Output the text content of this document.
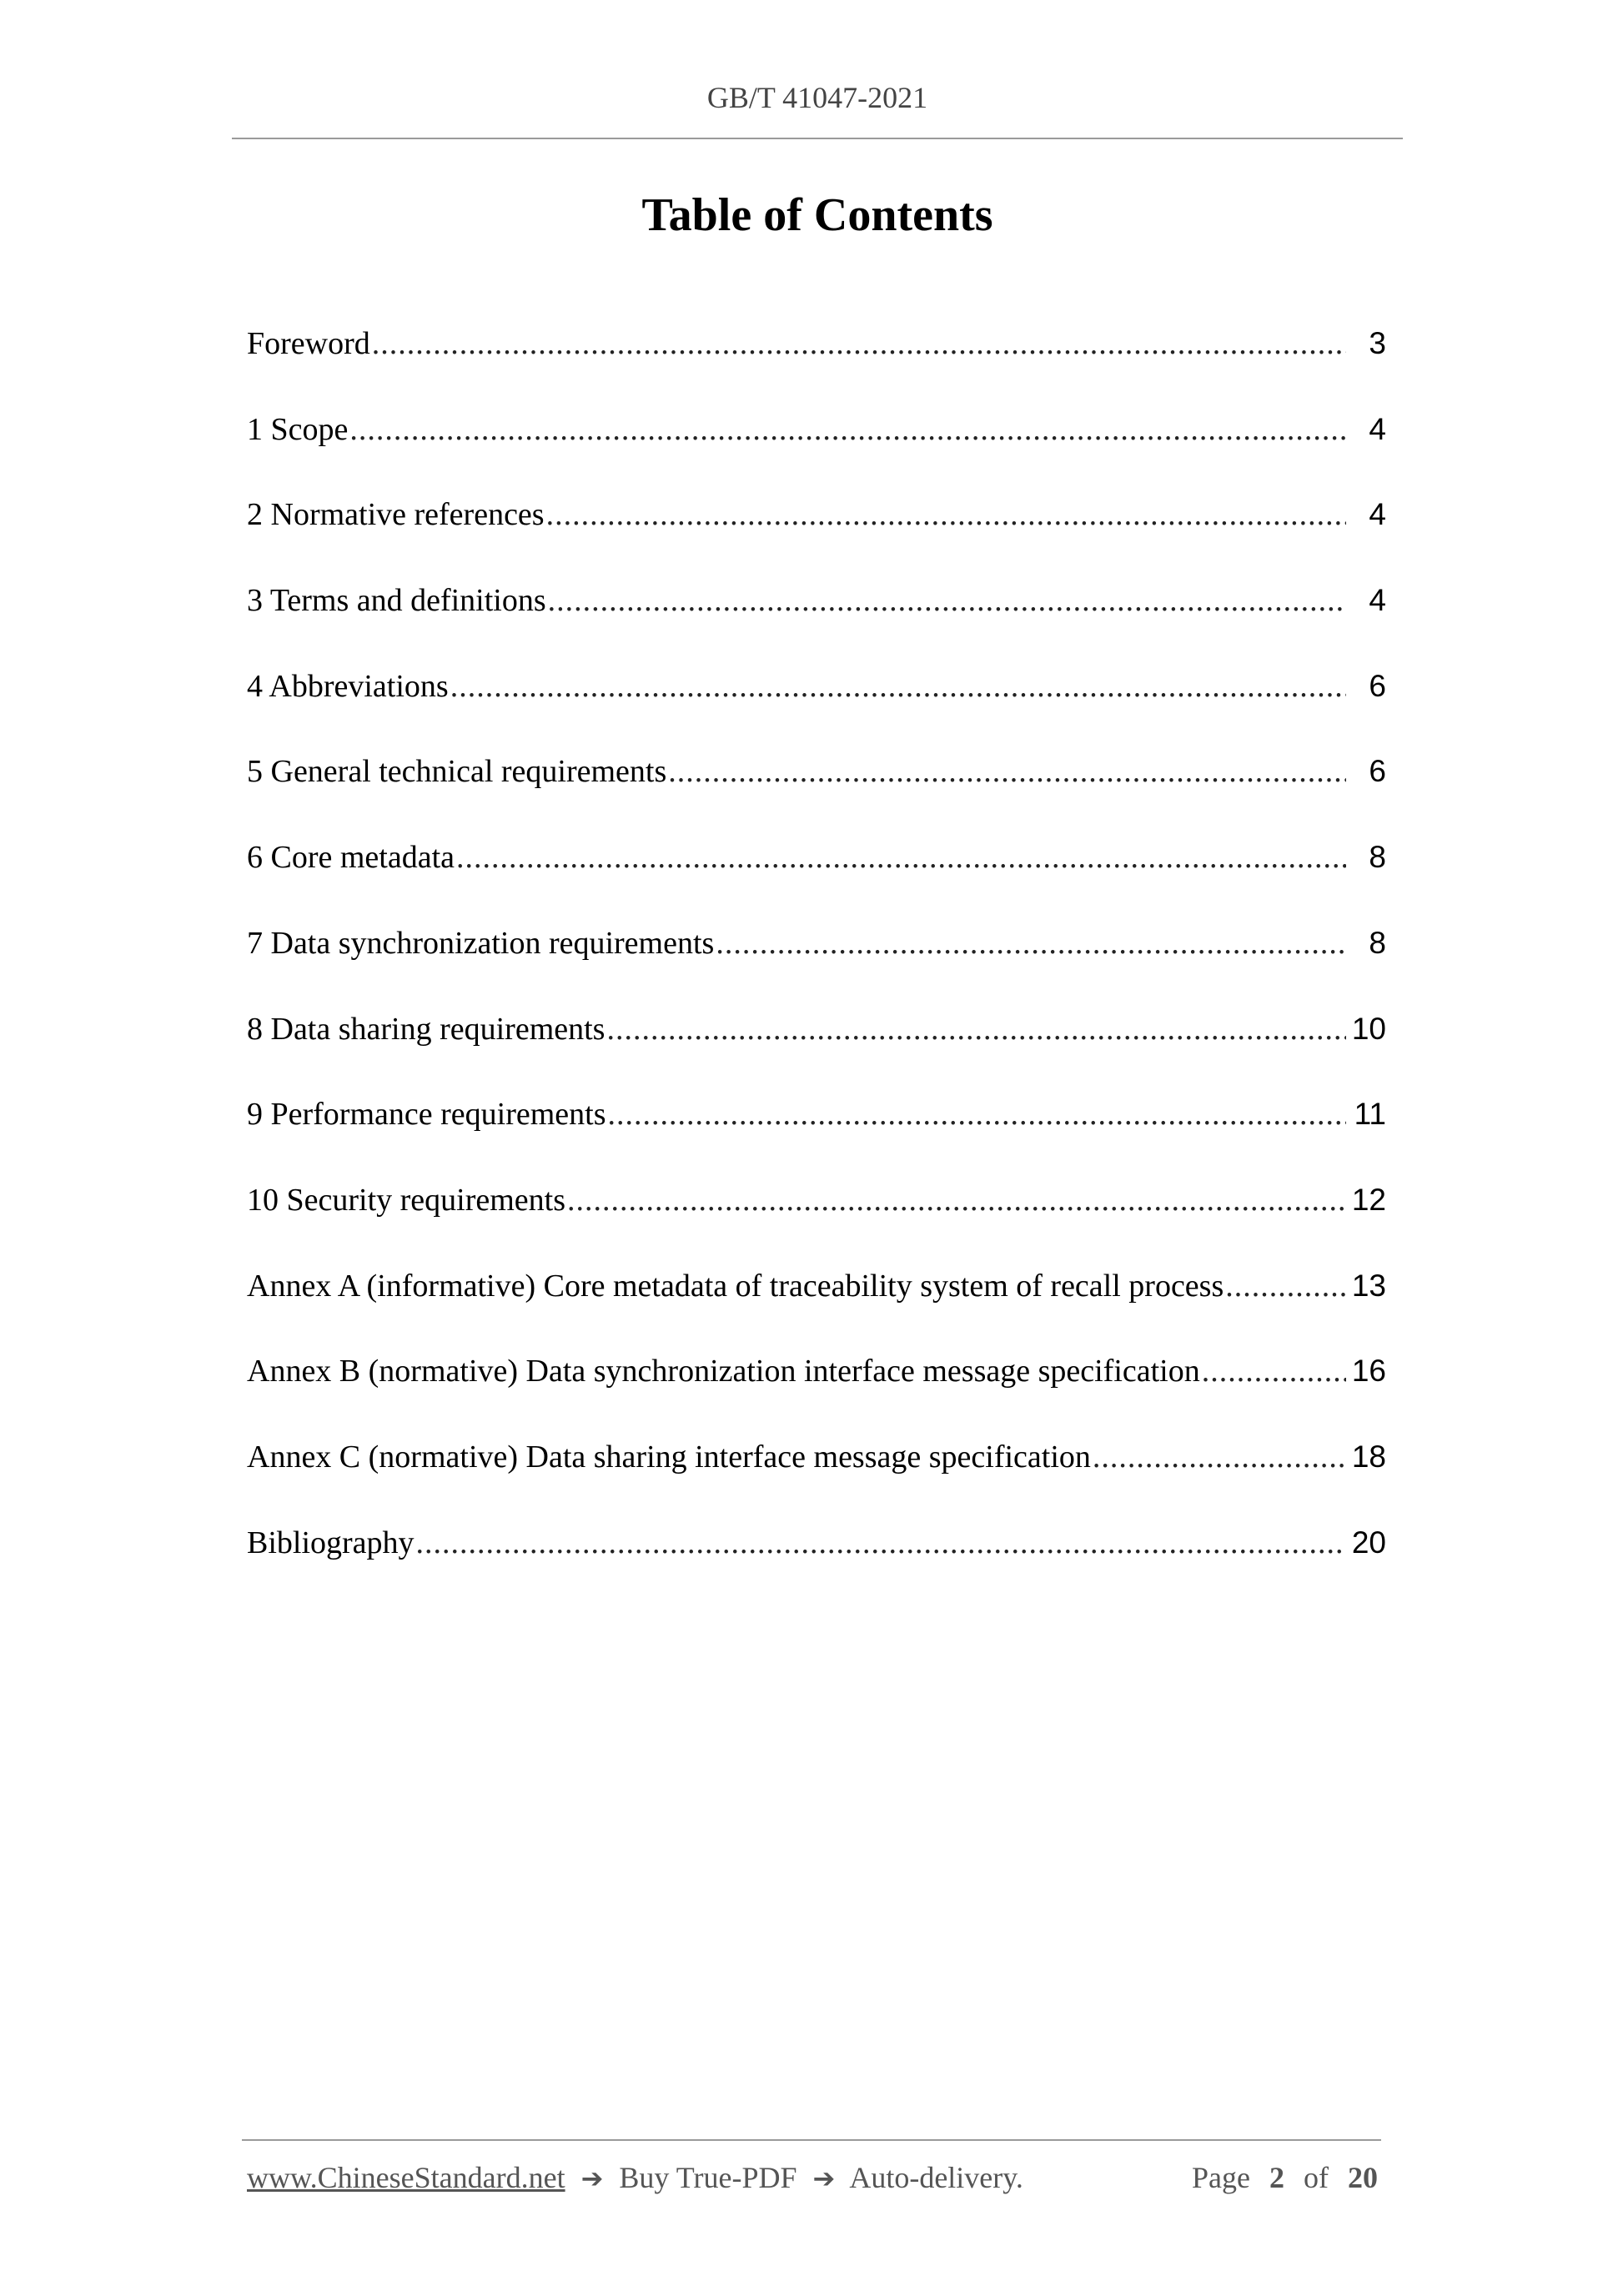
GB/T 41047-2021
Table of Contents
Foreword .....	3
1 Scope .....	4
2 Normative references .....	4
3 Terms and definitions .....	4
4 Abbreviations .....	6
5 General technical requirements .....	6
6 Core metadata .....	8
7 Data synchronization requirements .....	8
8 Data sharing requirements .....	10
9 Performance requirements .....	11
10 Security requirements .....	12
Annex A (informative) Core metadata of traceability system of recall process .....	13
Annex B (normative) Data synchronization interface message specification .....	16
Annex C (normative) Data sharing interface message specification .....	18
Bibliography .....	20
www.ChineseStandard.net ➔ Buy True-PDF ➔ Auto-delivery.	Page 2 of 20
